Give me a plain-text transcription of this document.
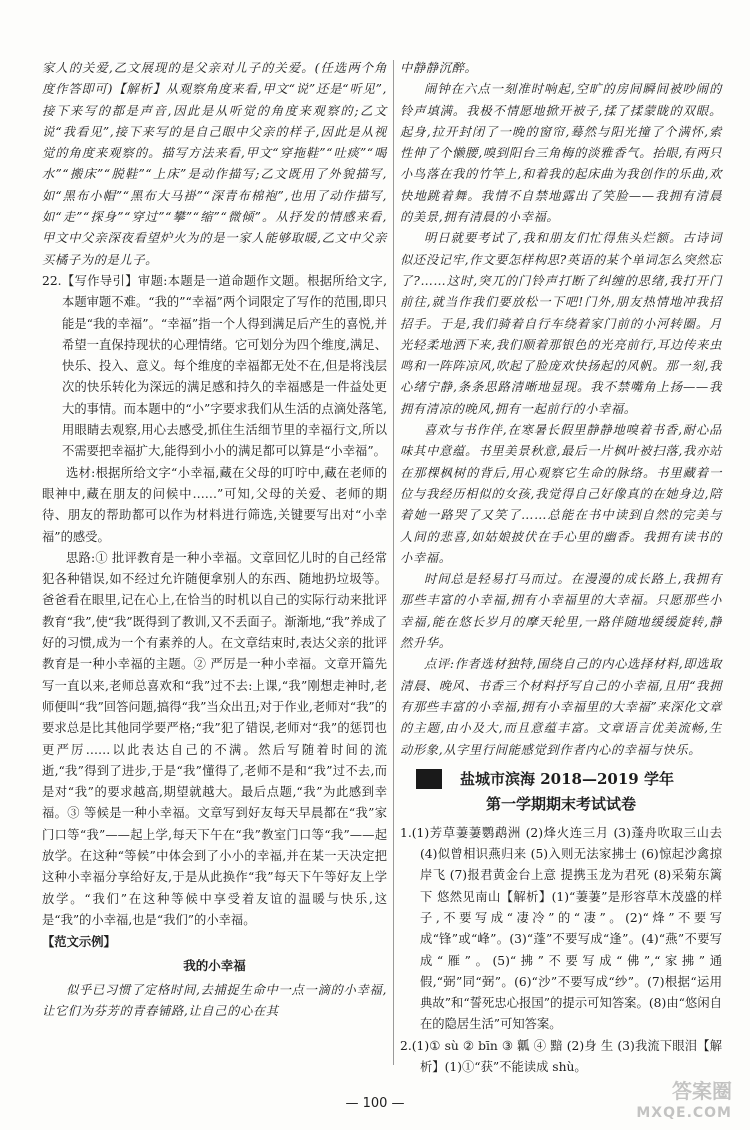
家人的关爱,乙文展现的是父亲对儿子的关爱。(任选两个角度作答即可)【解析】从观察角度来看,甲文“说”还是“听见”,接下来写的都是声音,因此是从听觉的角度来观察的;乙文说“我看见”,接下来写的是自己眼中父亲的样子,因此是从视觉的角度来观察的。描写方法来看,甲文“穿拖鞋”“吐痰”“喝水”“搬床”“脱鞋”“上床”是动作描写;乙文既用了外貌描写,如“黑布小帽”“黑布大马褂”“深青布棉袍”,也用了动作描写,如“走”“探身”“穿过”“攀”“缩”“微倾”。从抒发的情感来看,甲文中父亲深夜看望炉火为的是一家人能够取暖,乙文中父亲买橘子为的是儿子。

22.【写作导引】审题:本题是一道命题作文题。根据所给文字,本题审题不难。“我的”“幸福”两个词限定了写作的范围,即只能是“我的幸福”。“幸福”指一个人得到满足后产生的喜悦,并希望一直保持现状的心理情绪。它可划分为四个维度,满足、快乐、投入、意义。每个维度的幸福都无处不在,但是将浅层次的快乐转化为深远的满足感和持久的幸福感是一件益处更大的事情。而本题中的“小”字要求我们从生活的点滴处落笔,用眼睛去观察,用心去感受,抓住生活细节里的幸福行文,所以不需要把幸福扩大,能得到小小的满足都可以算是“小幸福”。

选材:根据所给文字“小幸福,藏在父母的叮咛中,藏在老师的眼神中,藏在朋友的问候中……”可知,父母的关爱、老师的期待、朋友的帮助都可以作为材料进行筛选,关键要写出对“小幸福”的感受。

思路:① 批评教育是一种小幸福。文章回忆儿时的自己经常犯各种错误,如不经过允许随便拿别人的东西、随地扔垃圾等。爸爸看在眼里,记在心上,在恰当的时机以自己的实际行动来批评教育“我”,使“我”既得到了教训,又不丢面子。渐渐地,“我”养成了好的习惯,成为一个有素养的人。在文章结束时,表达父亲的批评教育是一种小幸福的主题。② 严厉是一种小幸福。文章开篇先写一直以来,老师总喜欢和“我”过不去:上课,“我”刚想走神时,老师便叫“我”回答问题,搞得“我”当众出丑;对于作业,老师对“我”的要求总是比其他同学要严格;“我”犯了错误,老师对“我”的惩罚也更严厉……以此表达自己的不满。然后写随着时间的流逝,“我”得到了进步,于是“我”懂得了,老师不是和“我”过不去,而是对“我”的要求越高,期望就越大。最后点题,“我”为此感到幸福。③ 等候是一种小幸福。文章写到好友每天早晨都在“我”家门口等“我”——起上学,每天下午在“我”教室门口等“我”——起放学。在这种“等候”中体会到了小小的幸福,并在某一天决定把这种小幸福分享给好友,于是从此换作“我”每天下午等好友上学放学。“我们”在这种等候中享受着友谊的温暖与快乐,这是“我”的小幸福,也是“我们”的小幸福。

【范文示例】

我的小幸福

似乎已习惯了定格时间,去捕捉生命中一点一滴的小幸福,让它们为芬芳的青春铺路,让自己的心在其

中静静沉醉。

闹钟在六点一刻准时响起,空旷的房间瞬间被吵闹的铃声填满。我极不情愿地掀开被子,揉了揉蒙眬的双眼。起身,拉开封闭了一晚的窗帘,蓦然与阳光撞了个满怀,索性伸了个懒腰,嗅到阳台三角梅的淡雅香气。抬眼,有两只小鸟落在我的竹竿上,和着我的起床曲为我创作的乐曲,欢快地跳着舞。我情不自禁地露出了笑脸——我拥有清晨的美景,拥有清晨的小幸福。

明日就要考试了,我和朋友们忙得焦头烂额。古诗词似还没记牢,作文要怎样构思?英语的某个单词怎么突然忘了?……这时,突兀的门铃声打断了纠缠的思绪,我打开门前往,就当作我们要放松一下吧!门外,朋友热情地冲我招招手。于是,我们骑着自行车绕着家门前的小河转圈。月光轻柔地洒下来,我们顺着那银色的光亮前行,耳边传来虫鸣和一阵阵凉风,吹起了脸庞欢快扬起的风帆。那一刻,我心绪宁静,条条思路清晰地显现。我不禁嘴角上扬——我拥有清凉的晚风,拥有一起前行的小幸福。

喜欢与书作伴,在寒暑长假里静静地嗅着书香,耐心品味其中意蕴。书里美景秋意,最后一片枫叶被扫落,我亦站在那棵枫树的背后,用心观察它生命的脉络。书里藏着一位与我经历相似的女孩,我觉得自己好像真的在她身边,陪着她一路哭了又笑了……总能在书中读到自然的完美与人间的悲喜,如姑娘披伏在手心里的幽香。我拥有读书的小幸福。

时间总是轻易打马而过。在漫漫的成长路上,我拥有那些丰富的小幸福,拥有小幸福里的大幸福。只愿那些小幸福,能在悠长岁月的摩天轮里,一路伴随地缓缓旋转,静然升华。

点评:作者选材独特,围绕自己的内心选择材料,即选取清晨、晚风、书香三个材料抒写自己的小幸福,且用“我拥有那些丰富的小幸福,拥有小幸福里的大幸福”来深化文章的主题,由小及大,而且意蕴丰富。文章语言优美流畅,生动形象,从字里行间能感觉到作者内心的幸福与快乐。

盐城市滨海 2018—2019 学年
第一学期期末考试试卷

1.(1)芳草萋萋鹦鹉洲 (2)烽火连三月 (3)蓬舟吹取三山去 (4)似曾相识燕归来 (5)入则无法家拂士 (6)惊起沙禽掠岸飞 (7)报君黄金台上意 提携玉龙为君死 (8)采菊东篱下 悠然见南山【解析】(1)“萋萋”是形容草木茂盛的样子,不要写成“凄冷”的“凄”。(2)“烽”不要写成“锋”或“峰”。(3)“蓬”不要写成“逢”。(4)“燕”不要写成“雁”。(5)“拂”不要写成“佛”,“家拂”通假,“弼”同“弼”。(6)“沙”不要写成“纱”。(7)根据“运用典故”和“誓死忠心报国”的提示可知答案。(8)由“悠闲自在的隐居生活”可知答案。

2.(1)① sù ② bīn ③ 瓤 ④ 黯 (2)身 生 (3)我流下眼泪【解析】(1)①“获”不能读成 shù。

— 100 —
答案圈
MXQE.COM
